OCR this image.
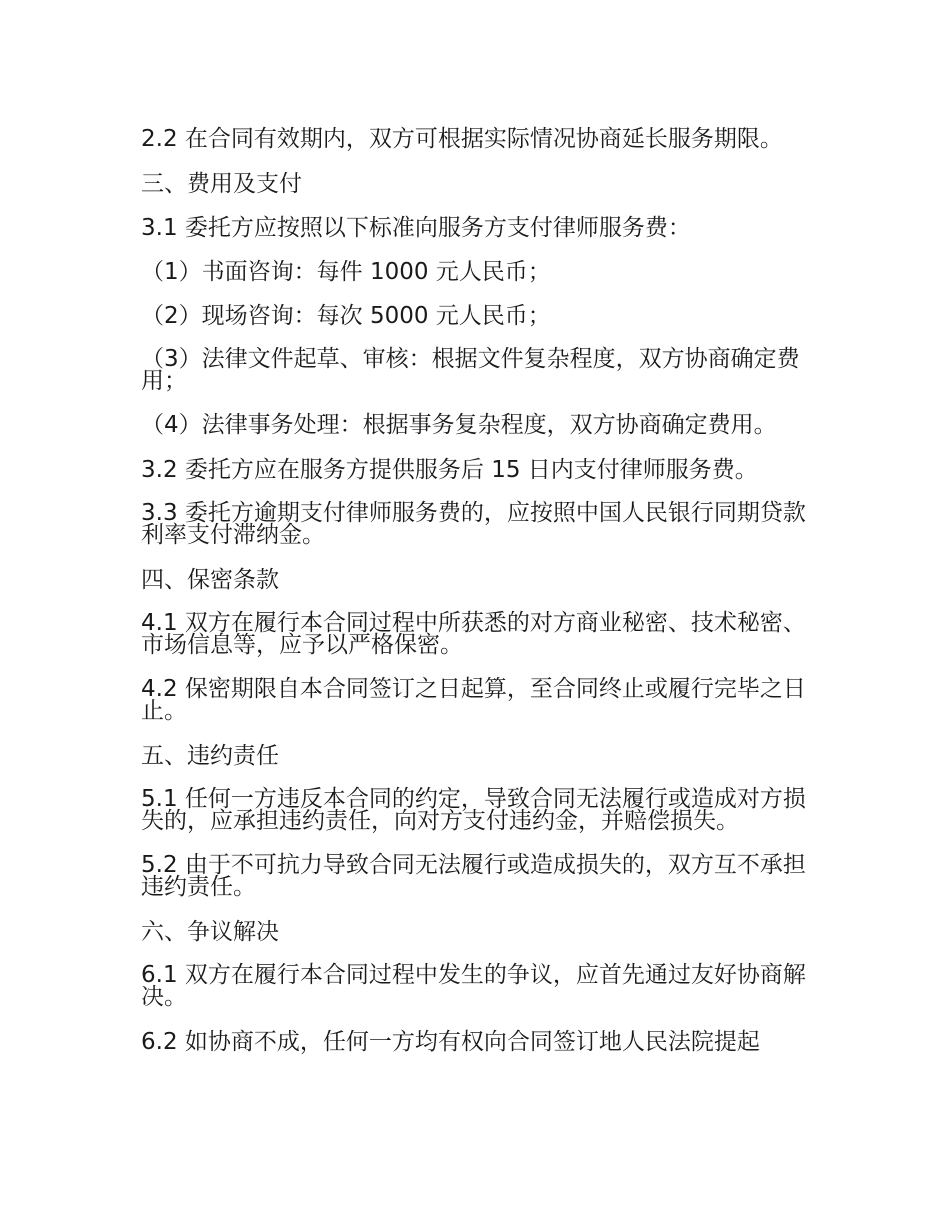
2.2 在合同有效期内，双方可根据实际情况协商延长服务期限。

三、费用及支付

3.1 委托方应按照以下标准向服务方支付律师服务费：

（1）书面咨询：每件 1000 元人民币；

（2）现场咨询：每次 5000 元人民币；

（3）法律文件起草、审核：根据文件复杂程度，双方协商确定费用；

（4）法律事务处理：根据事务复杂程度，双方协商确定费用。

3.2 委托方应在服务方提供服务后 15 日内支付律师服务费。

3.3 委托方逾期支付律师服务费的，应按照中国人民银行同期贷款利率支付滞纳金。

四、保密条款

4.1 双方在履行本合同过程中所获悉的对方商业秘密、技术秘密、市场信息等，应予以严格保密。

4.2 保密期限自本合同签订之日起算，至合同终止或履行完毕之日止。

五、违约责任

5.1 任何一方违反本合同的约定，导致合同无法履行或造成对方损失的，应承担违约责任，向对方支付违约金，并赔偿损失。

5.2 由于不可抗力导致合同无法履行或造成损失的，双方互不承担违约责任。

六、争议解决

6.1 双方在履行本合同过程中发生的争议，应首先通过友好协商解决。

6.2 如协商不成，任何一方均有权向合同签订地人民法院提起
